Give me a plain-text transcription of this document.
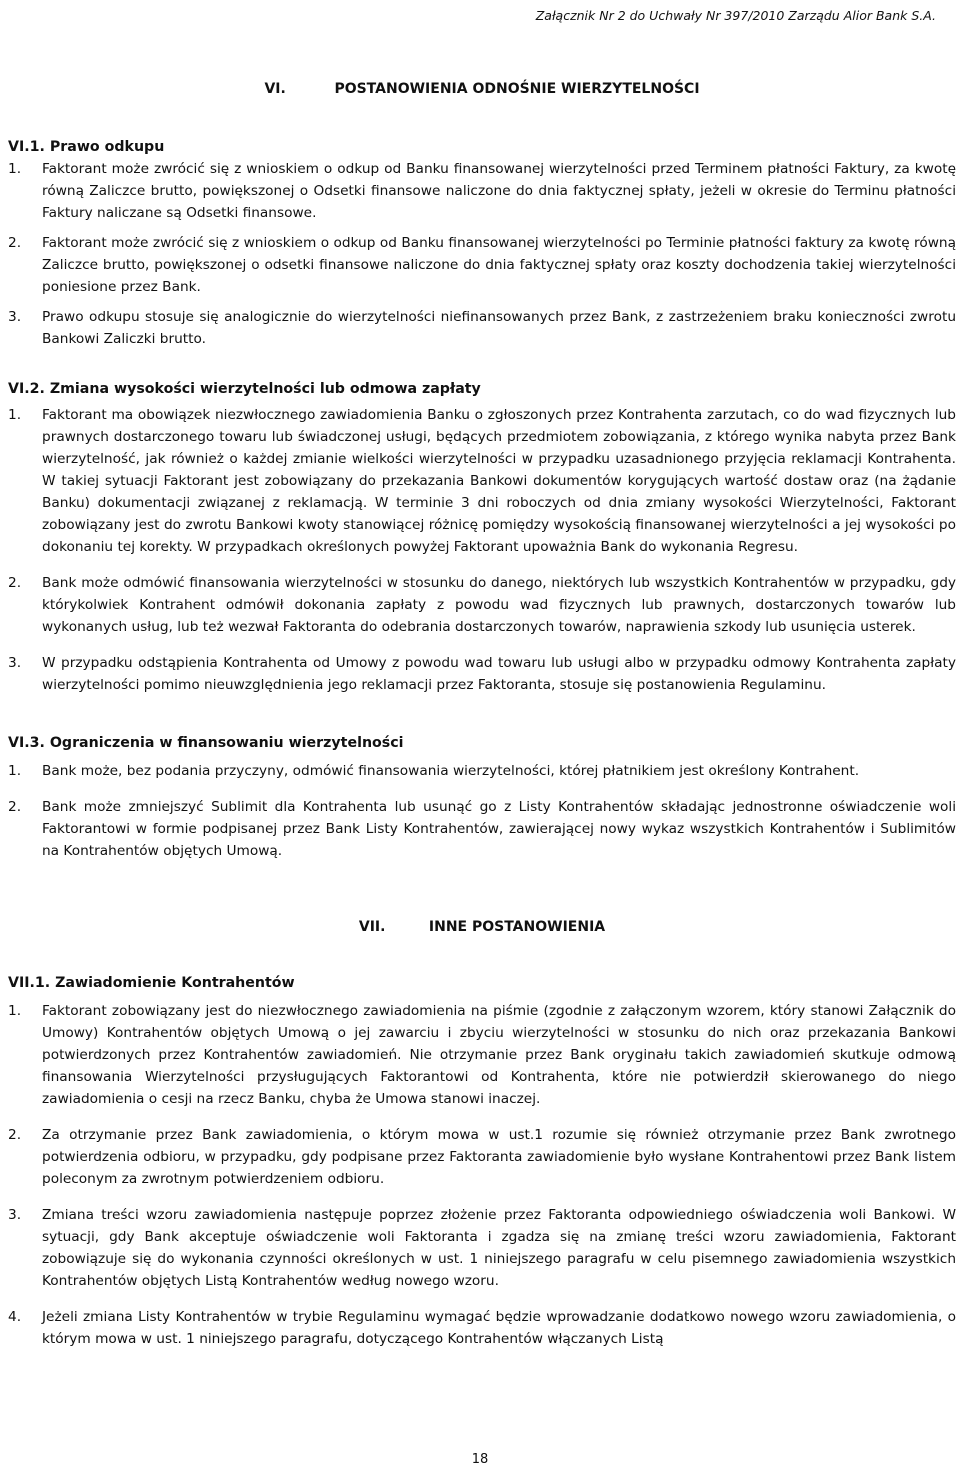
Załącznik Nr 2 do Uchwały Nr 397/2010 Zarządu Alior Bank S.A.
VI.	POSTANOWIENIA ODNOŚNIE WIERZYTELNOŚCI
VI.1. Prawo odkupu
1.	Faktorant może zwrócić się z wnioskiem o odkup od Banku finansowanej wierzytelności przed Terminem płatności Faktury, za kwotę równą Zaliczce brutto, powiększonej o Odsetki finansowe naliczone do dnia faktycznej spłaty, jeżeli w okresie do Terminu płatności Faktury naliczane są Odsetki finansowe.
2.	Faktorant może zwrócić się z wnioskiem o odkup od Banku finansowanej wierzytelności po Terminie płatności faktury za kwotę równą Zaliczce brutto, powiększonej o odsetki finansowe naliczone do dnia faktycznej spłaty oraz koszty dochodzenia takiej wierzytelności poniesione przez Bank.
3.	Prawo odkupu stosuje się analogicznie do wierzytelności niefinansowanych przez Bank, z zastrzeżeniem braku konieczności zwrotu Bankowi Zaliczki brutto.
VI.2. Zmiana wysokości wierzytelności lub odmowa zapłaty
1.	Faktorant ma obowiązek niezwłocznego zawiadomienia Banku o zgłoszonych przez Kontrahenta zarzutach, co do wad fizycznych lub prawnych dostarczonego towaru lub świadczonej usługi, będących przedmiotem zobowiązania, z którego wynika nabyta przez Bank wierzytelność, jak również o każdej zmianie wielkości wierzytelności w przypadku uzasadnionego przyjęcia reklamacji Kontrahenta. W takiej sytuacji Faktorant jest zobowiązany do przekazania Bankowi dokumentów korygujących wartość dostaw oraz (na żądanie Banku) dokumentacji związanej z reklamacją. W terminie 3 dni roboczych od dnia zmiany wysokości Wierzytelności, Faktorant zobowiązany jest do zwrotu Bankowi kwoty stanowiącej różnicę pomiędzy wysokością finansowanej wierzytelności a jej wysokości po dokonaniu tej korekty. W przypadkach określonych powyżej Faktorant upoważnia Bank do wykonania Regresu.
2.	Bank może odmówić finansowania wierzytelności w stosunku do danego, niektórych lub wszystkich Kontrahentów w przypadku, gdy którykolwiek Kontrahent odmówił dokonania zapłaty z powodu wad fizycznych lub prawnych, dostarczonych towarów lub wykonanych usług, lub też wezwał Faktoranta do odebrania dostarczonych towarów, naprawienia szkody lub usunięcia usterek.
3.	W przypadku odstąpienia Kontrahenta od Umowy z powodu wad towaru lub usługi albo w przypadku odmowy Kontrahenta zapłaty wierzytelności pomimo nieuwzględnienia jego reklamacji przez Faktoranta, stosuje się postanowienia Regulaminu.
VI.3. Ograniczenia w finansowaniu wierzytelności
1.	Bank może, bez podania przyczyny, odmówić finansowania wierzytelności, której płatnikiem jest określony Kontrahent.
2.	Bank może zmniejszyć Sublimit dla Kontrahenta lub usunąć go z Listy Kontrahentów składając jednostronne oświadczenie woli Faktorantowi w formie podpisanej przez Bank Listy Kontrahentów, zawierającej nowy wykaz wszystkich Kontrahentów i Sublimitów na Kontrahentów objętych Umową.
VII.	INNE POSTANOWIENIA
VII.1. Zawiadomienie Kontrahentów
1.	Faktorant zobowiązany jest do niezwłocznego zawiadomienia na piśmie (zgodnie z załączonym wzorem, który stanowi Załącznik do Umowy) Kontrahentów objętych Umową o jej zawarciu i zbyciu wierzytelności w stosunku do nich oraz przekazania Bankowi potwierdzonych przez Kontrahentów zawiadomień. Nie otrzymanie przez Bank oryginału takich zawiadomień skutkuje odmową finansowania Wierzytelności przysługujących Faktorantowi od Kontrahenta, które nie potwierdził skierowanego do niego zawiadomienia o cesji na rzecz Banku, chyba że Umowa stanowi inaczej.
2.	Za otrzymanie przez Bank zawiadomienia, o którym mowa w ust.1 rozumie się również otrzymanie przez Bank zwrotnego potwierdzenia odbioru, w przypadku, gdy podpisane przez Faktoranta zawiadomienie było wysłane Kontrahentowi przez Bank listem poleconym za zwrotnym potwierdzeniem odbioru.
3.	Zmiana treści wzoru zawiadomienia następuje poprzez złożenie przez Faktoranta odpowiedniego oświadczenia woli Bankowi. W sytuacji, gdy Bank akceptuje oświadczenie woli Faktoranta i zgadza się na zmianę treści wzoru zawiadomienia, Faktorant zobowiązuje się do wykonania czynności określonych w ust. 1 niniejszego paragrafu w celu pisemnego zawiadomienia wszystkich Kontrahentów objętych Listą Kontrahentów według nowego wzoru.
4.	Jeżeli zmiana Listy Kontrahentów w trybie Regulaminu wymagać będzie wprowadzanie dodatkowo nowego wzoru zawiadomienia, o którym mowa w ust. 1 niniejszego paragrafu, dotyczącego Kontrahentów włączanych Listą
18
